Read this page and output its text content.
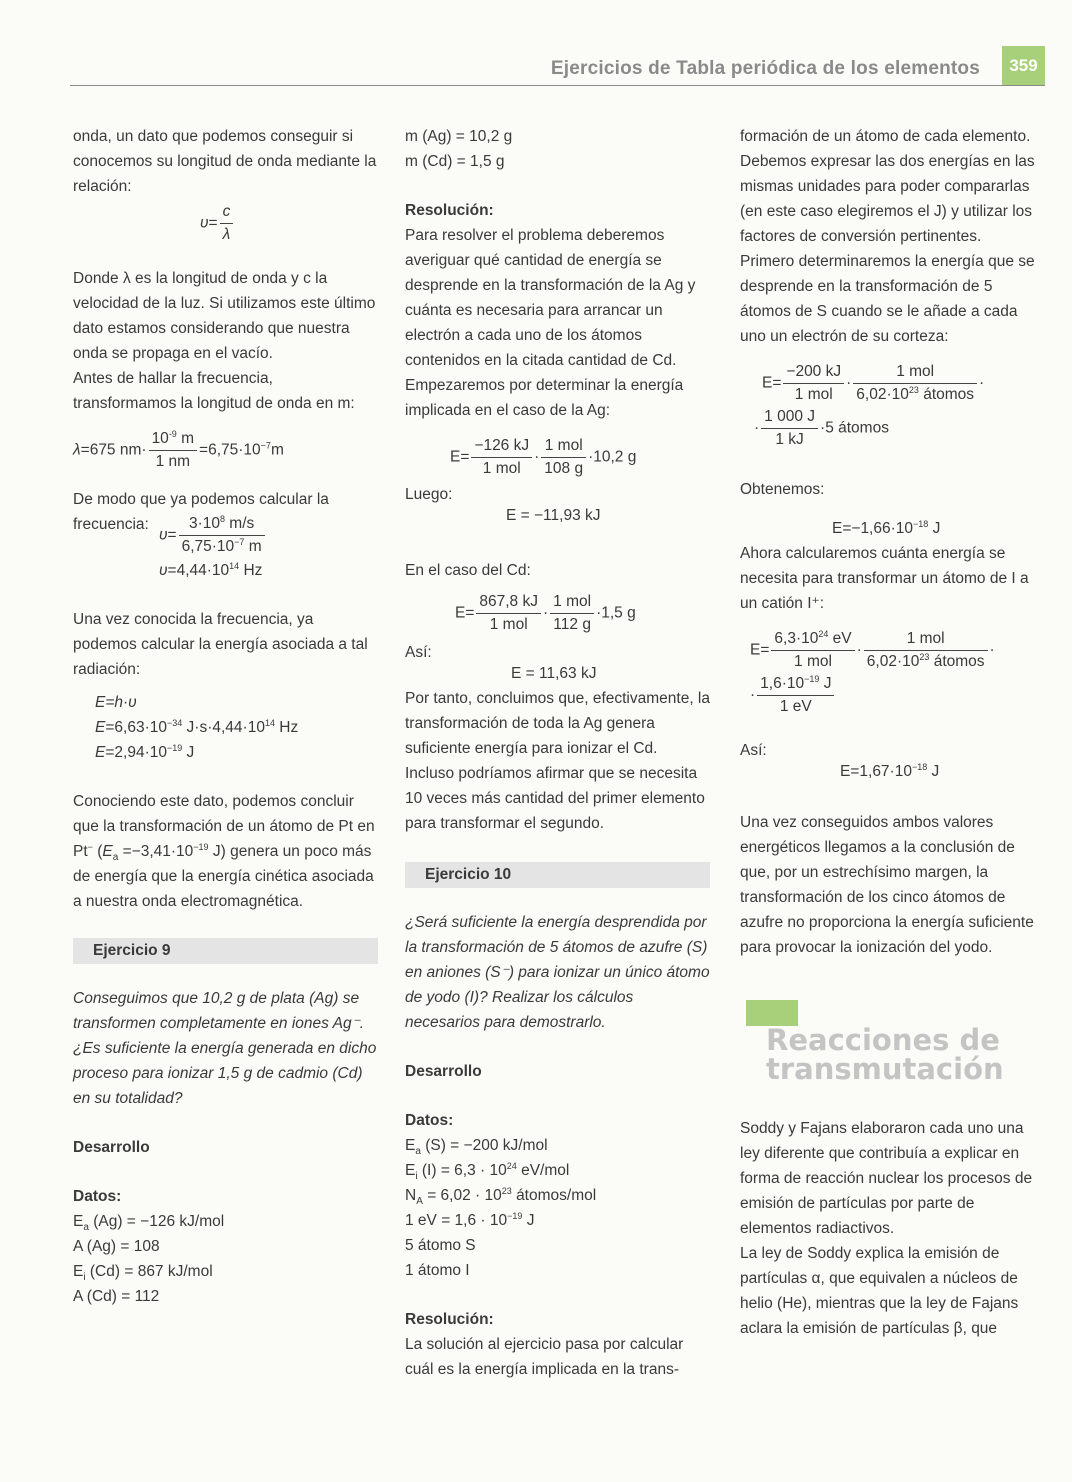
Ejercicios de Tabla periódica de los elementos	359

onda, un dato que podemos conseguir si conocemos su longitud de onda mediante la relación:

$\upsilon= \frac{c}{\lambda}$

Donde λ es la longitud de onda y c la velocidad de la luz. Si utilizamos este último dato estamos considerando que nuestra onda se propaga en el vacío.

Antes de hallar la frecuencia, transformamos la longitud de onda en m:

λ=675 $nm\cdot \frac{10^{-9} m}{1 nm} =6,75\cdot 10^{-7}m$

De modo que ya podemos calcular la frecuencia:

$\upsilon= \frac{3\cdot 10^8 m/s}{6,75\cdot 10^{-7} m}$
$\upsilon=4,44\cdot 10^{14}$ Hz

Una vez conocida la frecuencia, ya podemos calcular la energía asociada a tal radiación:

E=h·υ
$E=6,63\cdot 10^{-34}$ $J\cdot s\cdot 4,44\cdot 10^{14}$ Hz
$E=2,94\cdot 10^{-19}$ J

Conociendo este dato, podemos concluir que la transformación de un átomo de Pt en Pt− ($E_a =-3,41\cdot 10^{-19}$ J) genera un poco más de energía que la energía cinética asociada a nuestra onda electromagnética.

Ejercicio 9

Conseguimos que 10,2 g de plata (Ag) se transformen completamente en iones Ag⁻. ¿Es suficiente la energía generada en dicho proceso para ionizar 1,5 g de cadmio (Cd) en su totalidad?

Desarrollo

Datos:

$E_a$ (Ag) = −126 kJ/mol

A (Ag) = 108

$E_i$ (Cd) = 867 kJ/mol

A (Cd) = 112

m (Ag) = 10,2 g

m (Cd) = 1,5 g

Resolución:

Para resolver el problema deberemos averiguar qué cantidad de energía se desprende en la transformación de la Ag y cuánta es necesaria para arrancar un electrón a cada uno de los átomos contenidos en la citada cantidad de Cd.

Empezaremos por determinar la energía implicada en el caso de la Ag:

$E= \frac{-126 kJ}{\text{1 mol}} \cdot \frac{\text{1 mol}}{108 g} \cdot 10,2$ g

Luego:

E = −11,93 kJ

En el caso del Cd:

$E= \frac{867,8 kJ}{\text{1 mol}} \cdot \frac{\text{1 mol}}{112 g} \cdot 1,5$ g

Así:

E = 11,63 kJ

Por tanto, concluimos que, efectivamente, la transformación de toda la Ag genera suficiente energía para ionizar el Cd. Incluso podríamos afirmar que se necesita 10 veces más cantidad del primer elemento para transformar el segundo.

Ejercicio 10

¿Será suficiente la energía desprendida por la transformación de 5 átomos de azufre (S) en aniones (S⁻) para ionizar un único átomo de yodo (I)? Realizar los cálculos necesarios para demostrarlo.

Desarrollo

Datos:

$E_a$ (S) = −200 kJ/mol

$E_i$ $(I) = 6,3 \cdot 10^{24}$ eV/mol

$N_A = 6,02 \cdot 10^{23}$ átomos/mol

1 eV = $1,6 \cdot 10^{-19}$ J

5 átomo S

1 átomo I

Resolución:

La solución al ejercicio pasa por calcular cuál es la energía implicada en la trans-

formación de un átomo de cada elemento. Debemos expresar las dos energías en las mismas unidades para poder compararlas (en este caso elegiremos el J) y utilizar los factores de conversión pertinentes.

Primero determinaremos la energía que se desprende en la transformación de 5 átomos de S cuando se le añade a cada uno un electrón de su corteza:

$E= \frac{-200 kJ}{\text{1 mol}} \cdot \frac{\text{1 mol}}{6,02\cdot 10^{23} átomos}$ ·
· $\frac{1 000 J}{1 kJ} \cdot 5$ átomos

Obtenemos:

$E=-1,66\cdot 10^{-18}$ J

Ahora calcularemos cuánta energía se necesita para transformar un átomo de I a un catión I⁺:

$E= \frac{6,3\cdot 10^{24} eV}{\text{1 mol}} \cdot \frac{\text{1 mol}}{6,02\cdot 10^{23} átomos}$ ·
· $\frac{1,6\cdot 10^{-19} J}{1 eV}$

Así:

$E=1,67\cdot 10^{-18}$ J

Una vez conseguidos ambos valores energéticos llegamos a la conclusión de que, por un estrechísimo margen, la transformación de los cinco átomos de azufre no proporciona la energía suficiente para provocar la ionización del yodo.

Reacciones de
transmutación

Soddy y Fajans elaboraron cada uno una ley diferente que contribuía a explicar en forma de reacción nuclear los procesos de emisión de partículas por parte de elementos radiactivos.

La ley de Soddy explica la emisión de partículas α, que equivalen a núcleos de helio (He), mientras que la ley de Fajans aclara la emisión de partículas β, que
